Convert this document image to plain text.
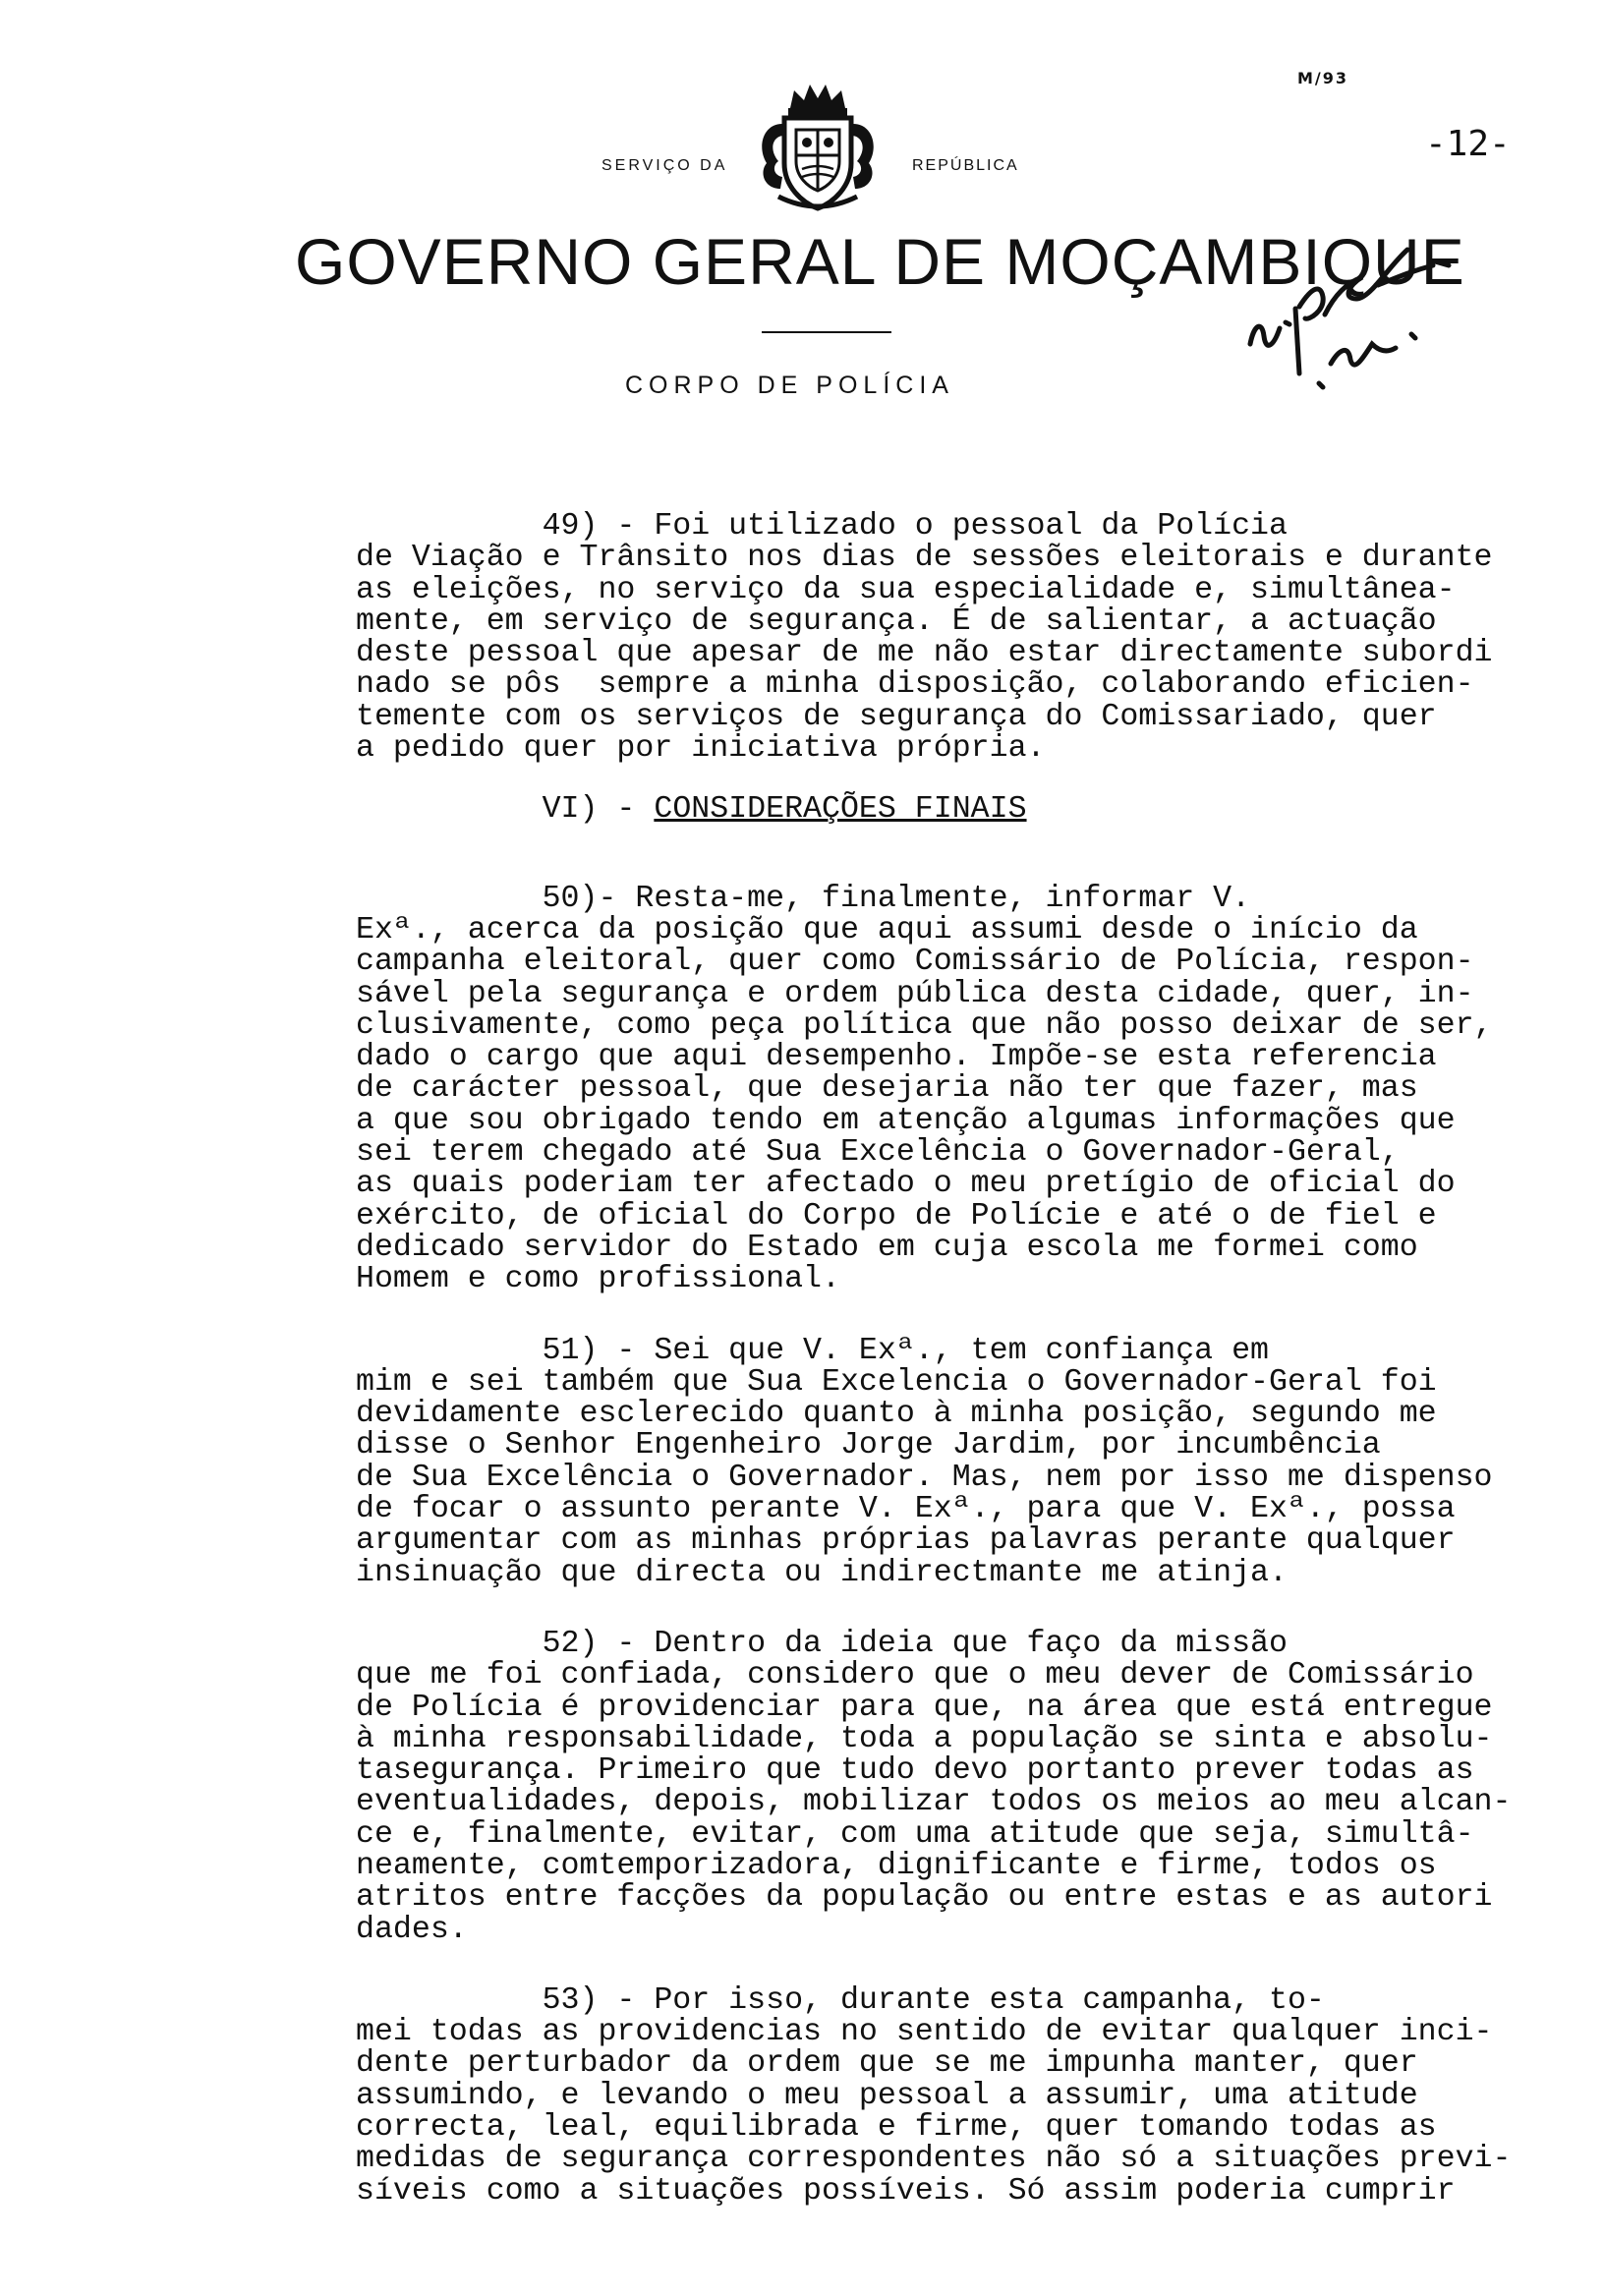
M/93
-12-
SERVIÇO DA	REPÚBLICA
GOVERNO GERAL DE MOÇAMBIQUE
CORPO DE POLÍCIA

49) - Foi utilizado o pessoal da Polícia

de Viação e Trânsito nos dias de sessões eleitorais e durante

as eleições, no serviço da sua especialidade e, simultânea-

mente, em serviço de segurança. É de salientar, a actuação

deste pessoal que apesar de me não estar directamente subordi

nado se pôs  sempre a minha disposição, colaborando eficien-

temente com os serviços de segurança do Comissariado, quer

a pedido quer por iniciativa própria.

VI) - CONSIDERAÇÕES FINAIS

50)- Resta-me, finalmente, informar V.

Exª., acerca da posição que aqui assumi desde o início da

campanha eleitoral, quer como Comissário de Polícia, respon-

sável pela segurança e ordem pública desta cidade, quer, in-

clusivamente, como peça política que não posso deixar de ser,

dado o cargo que aqui desempenho. Impõe-se esta referencia

de carácter pessoal, que desejaria não ter que fazer, mas

a que sou obrigado tendo em atenção algumas informações que

sei terem chegado até Sua Excelência o Governador-Geral,

as quais poderiam ter afectado o meu pretígio de oficial do

exército, de oficial do Corpo de Polície e até o de fiel e

dedicado servidor do Estado em cuja escola me formei como

Homem e como profissional.

51) - Sei que V. Exª., tem confiança em

mim e sei também que Sua Excelencia o Governador-Geral foi

devidamente esclerecido quanto à minha posição, segundo me

disse o Senhor Engenheiro Jorge Jardim, por incumbência

de Sua Excelência o Governador. Mas, nem por isso me dispenso

de focar o assunto perante V. Exª., para que V. Exª., possa

argumentar com as minhas próprias palavras perante qualquer

insinuação que directa ou indirectmante me atinja.

52) - Dentro da ideia que faço da missão

que me foi confiada, considero que o meu dever de Comissário

de Polícia é providenciar para que, na área que está entregue

à minha responsabilidade, toda a população se sinta e absolu-

tasegurança. Primeiro que tudo devo portanto prever todas as

eventualidades, depois, mobilizar todos os meios ao meu alcan-

ce e, finalmente, evitar, com uma atitude que seja, simultâ-

neamente, comtemporizadora, dignificante e firme, todos os

atritos entre facções da população ou entre estas e as autori

dades.

53) - Por isso, durante esta campanha, to-

mei todas as providencias no sentido de evitar qualquer inci-

dente perturbador da ordem que se me impunha manter, quer

assumindo, e levando o meu pessoal a assumir, uma atitude

correcta, leal, equilibrada e firme, quer tomando todas as

medidas de segurança correspondentes não só a situações previ-

síveis como a situações possíveis. Só assim poderia cumprir
